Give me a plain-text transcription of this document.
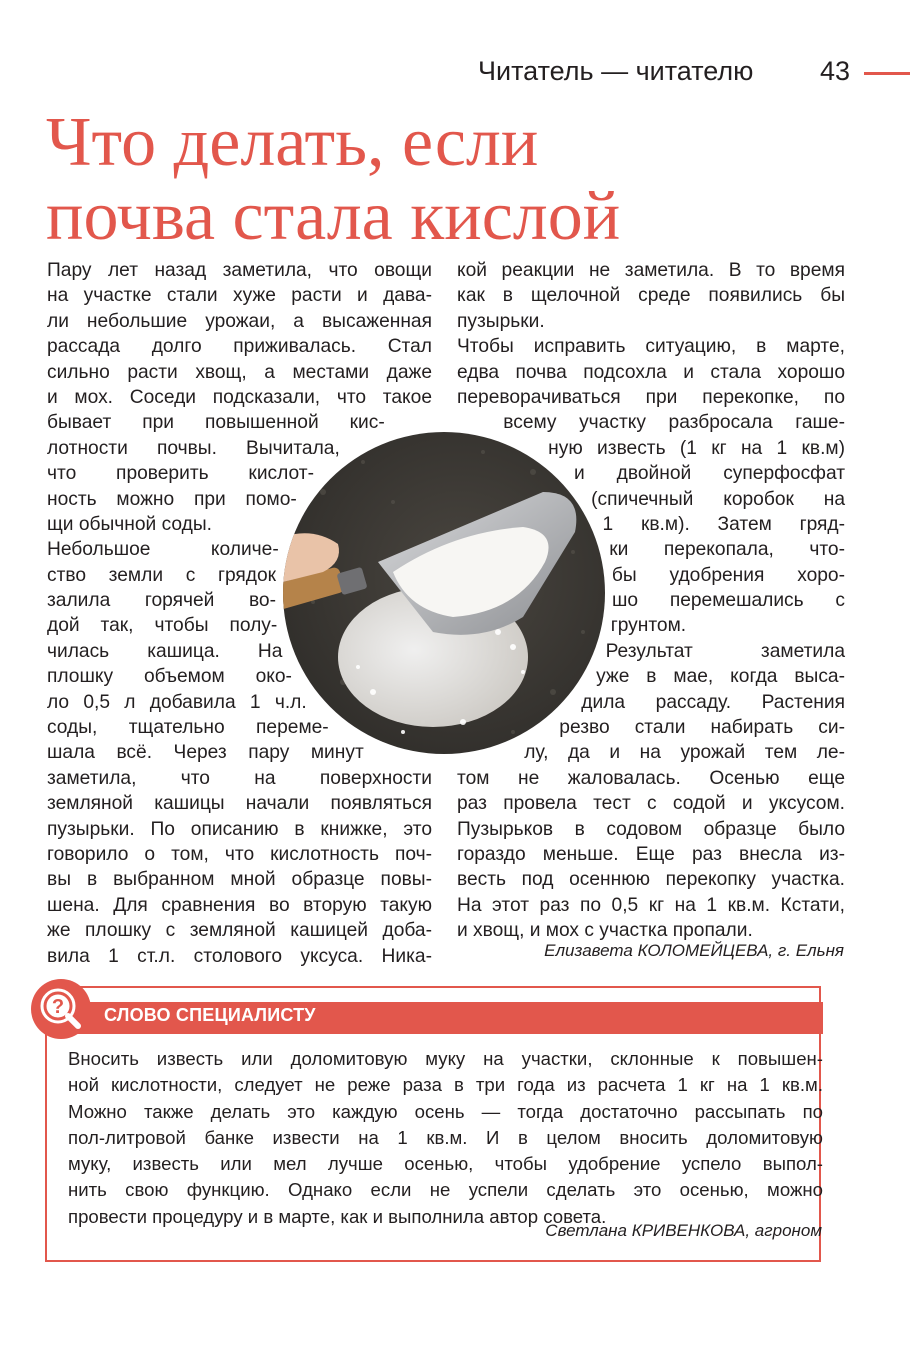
Читатель — читателю 43
Что делать, если
почва стала кислой
Пару лет назад заметила, что овощи
на участке стали хуже расти и дава-
ли небольшие урожаи, а высаженная
рассада долго приживалась. Стал
сильно расти хвощ, а местами даже
и мох. Соседи подсказали, что такое
бывает при повышенной кис-
лотности почвы. Вычитала,
что проверить кислот-
ность можно при помо-
щи обычной соды.
Небольшое количе-
ство земли с грядок
залила горячей во-
дой так, чтобы полу-
чилась кашица. На
плошку объемом око-
ло 0,5 л добавила 1 ч.л.
соды, тщательно переме-
шала всё. Через пару минут
заметила, что на поверхности
земляной кашицы начали появляться
пузырьки. По описанию в книжке, это
говорило о том, что кислотность поч-
вы в выбранном мной образце повы-
шена. Для сравнения во вторую такую
же плошку с земляной кашицей доба-
вила 1 ст.л. столового уксуса. Ника-
кой реакции не заметила. В то время
как в щелочной среде появились бы
пузырьки.
Чтобы исправить ситуацию, в марте,
едва почва подсохла и стала хорошо
переворачиваться при перекопке, по
всему участку разбросала гаше-
ную известь (1 кг на 1 кв.м)
и двойной суперфосфат
(спичечный коробок на
1 кв.м). Затем гряд-
ки перекопала, что-
бы удобрения хоро-
шо перемешались с
грунтом.
Результат заметила
уже в мае, когда выса-
дила рассаду. Растения
резво стали набирать си-
лу, да и на урожай тем ле-
том не жаловалась. Осенью еще
раз провела тест с содой и уксусом.
Пузырьков в содовом образце было
гораздо меньше. Еще раз внесла из-
весть под осеннюю перекопку участка.
На этот раз по 0,5 кг на 1 кв.м. Кстати,
и хвощ, и мох с участка пропали.
Елизавета КОЛОМЕЙЦЕВА, г. Ельня
СЛОВО СПЕЦИАЛИСТУ
?
Вносить известь или доломитовую муку на участки, склонные к повышен-
ной кислотности, следует не реже раза в три года из расчета 1 кг на 1 кв.м.
Можно также делать это каждую осень — тогда достаточно рассыпать по
пол-литровой банке извести на 1 кв.м. И в целом вносить доломитовую
муку, известь или мел лучше осенью, чтобы удобрение успело выпол-
нить свою функцию. Однако если не успели сделать это осенью, можно
провести процедуру и в марте, как и выполнила автор совета.
Светлана КРИВЕНКОВА, агроном
